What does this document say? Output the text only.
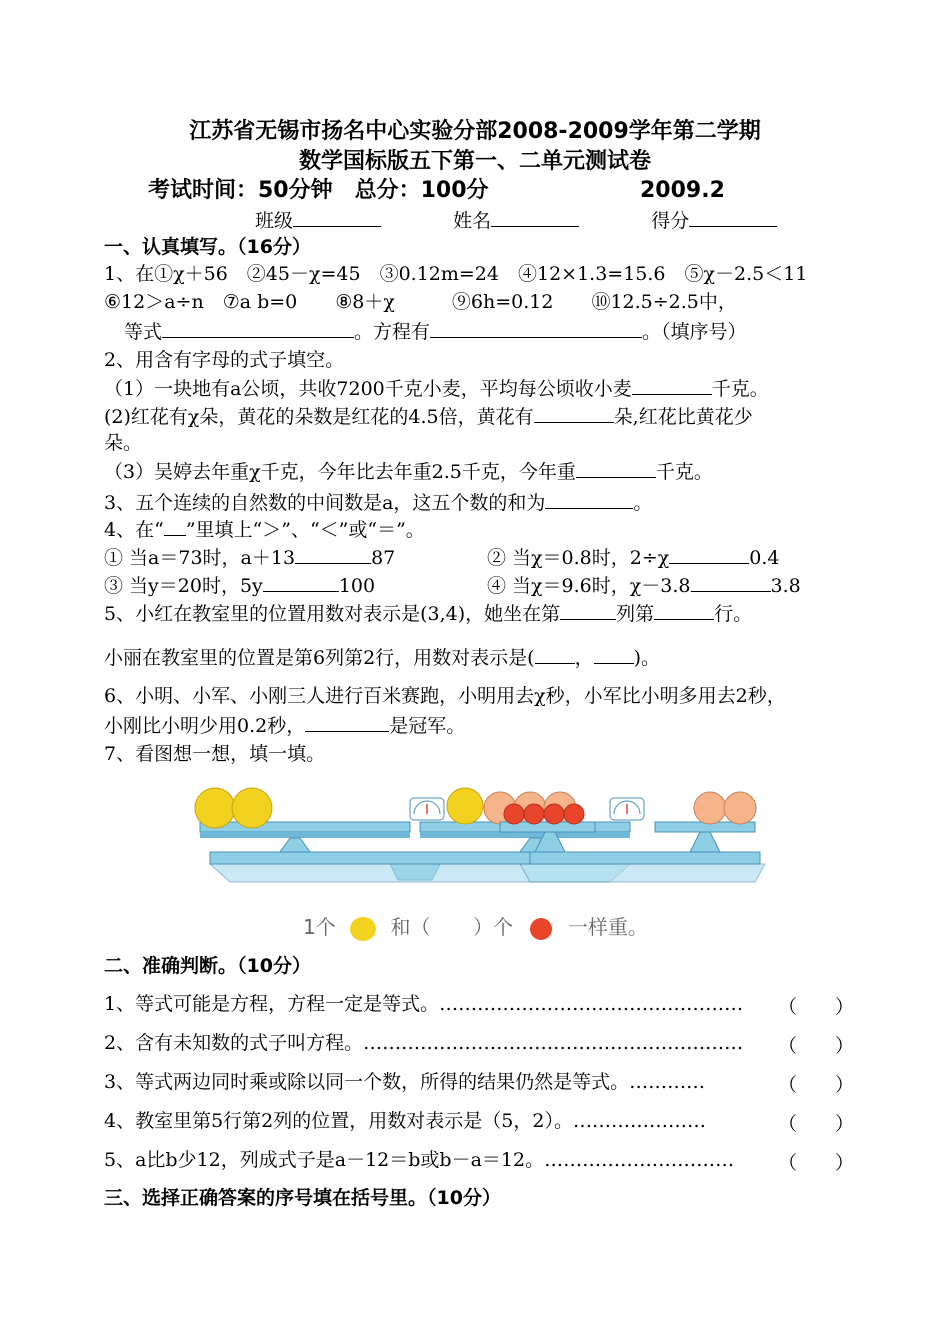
江苏省无锡市扬名中心实验分部2008-2009学年第二学期
数学国标版五下第一、二单元测试卷
考试时间：50分钟　总分：100分	2009.2
班级	姓名	得分
一、认真填写。（16分）
1、在①χ＋56　②45－χ=45　③0.12m=24　④12×1.3=15.6　⑤χ－2.5＜11
⑥12＞a÷n　⑦a b=0　　⑧8＋χ　　　⑨6h=0.12　　⑩12.5÷2.5中，
等式	。方程有	。（填序号）
2、用含有字母的式子填空。
（1）一块地有a公顷，共收7200千克小麦，平均每公顷收小麦	千克。
(2)红花有χ朵，黄花的朵数是红花的4.5倍，黄花有	朵,红花比黄花少
朵。
（3）吴婷去年重χ千克，今年比去年重2.5千克，今年重	千克。
3、五个连续的自然数的中间数是a，这五个数的和为	。
4、在“ ”里填上“＞”、“＜”或“＝”。
① 当a＝73时，a＋13	87	② 当χ＝0.8时，2÷χ	0.4
③ 当y＝20时，5y	100	④ 当χ＝9.6时，χ－3.8	3.8
5、小红在教室里的位置用数对表示是(3,4)，她坐在第	列第	行。
小丽在教室里的位置是第6列第2行，用数对表示是( ， )。
6、小明、小军、小刚三人进行百米赛跑，小明用去χ秒，小军比小明多用去2秒，
小刚比小明少用0.2秒，	是冠军。
7、看图想一想，填一填。
1个	和（ ）个	一样重。
二、准确判断。（10分）
1、等式可能是方程，方程一定是等式。………………………………………… （ ）
2、含有未知数的式子叫方程。…………………………………………………… （ ）
3、等式两边同时乘或除以同一个数，所得的结果仍然是等式。…………	（ ）
4、教室里第5行第2列的位置，用数对表示是（5，2）。…………………	（ ）
5、a比b少12，列成式子是a－12＝b或b－a＝12。………………………… （ ）
三、选择正确答案的序号填在括号里。（10分）
